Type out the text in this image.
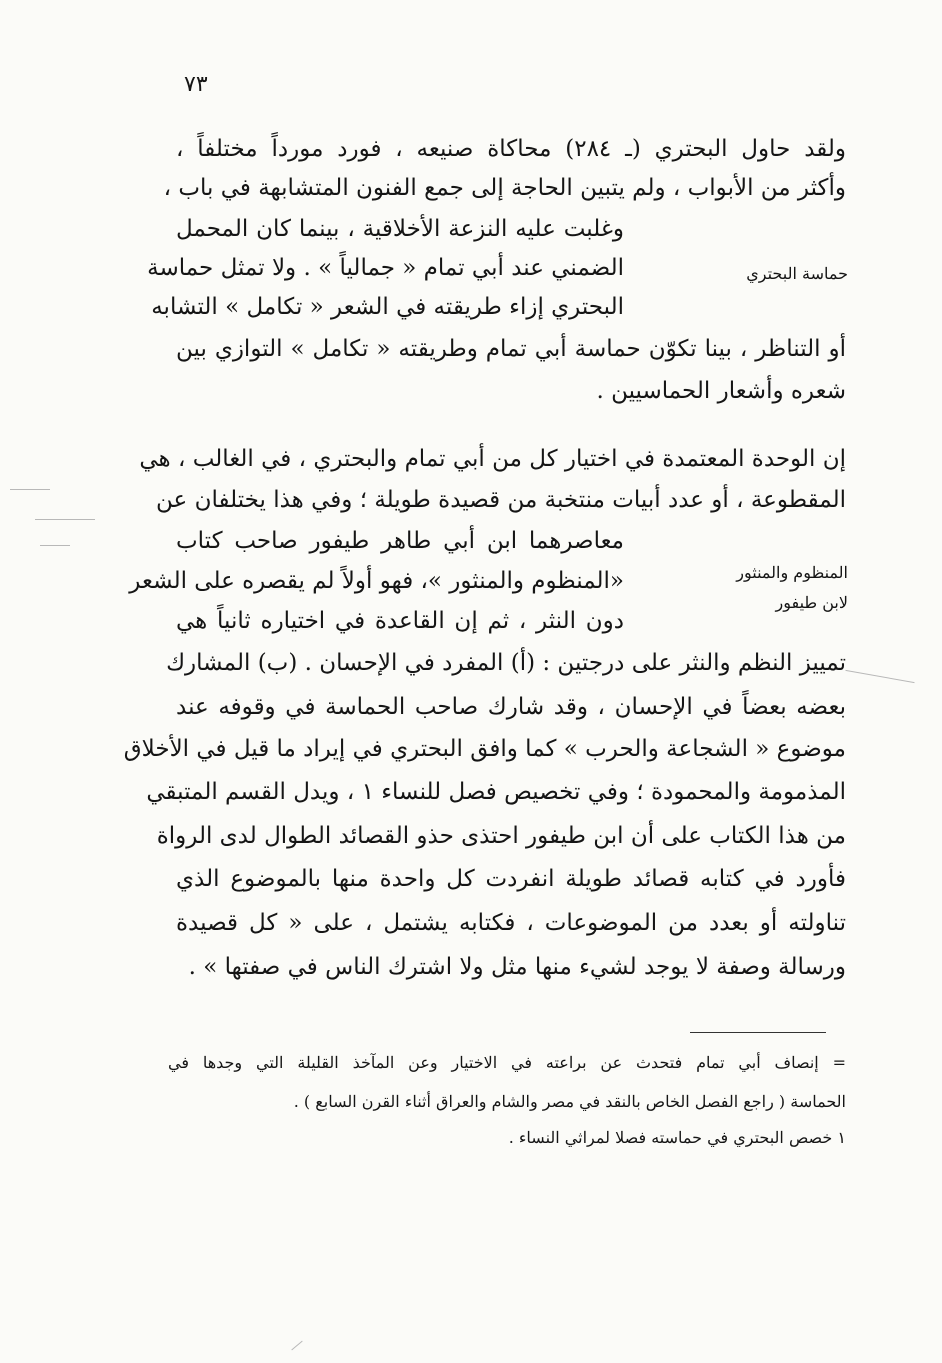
٧٣
ولقد حاول البحتري (ـ ٢٨٤) محاكاة صنيعه ، فورد مورداً مختلفاً ،
وأكثر من الأبواب ، ولم يتبين الحاجة إلى جمع الفنون المتشابهة في باب ،
وغلبت عليه النزعة الأخلاقية ، بينما كان المحمل
الضمني عند أبي تمام « جمالياً » . ولا تمثل حماسة
البحتري إزاء طريقته في الشعر « تكامل » التشابه
أو التناظر ، بينا تكوّن حماسة أبي تمام وطريقته « تكامل » التوازي بين
شعره وأشعار الحماسيين .
حماسة البحتري
إن الوحدة المعتمدة في اختيار كل من أبي تمام والبحتري ، في الغالب ، هي
المقطوعة ، أو عدد أبيات منتخبة من قصيدة طويلة ؛ وفي هذا يختلفان عن
معاصرهما ابن أبي طاهر طيفور صاحب كتاب
«المنظوم والمنثور »، فهو أولاً لم يقصره على الشعر
دون النثر ، ثم إن القاعدة في اختياره ثانياً هي
تمييز النظم والنثر على درجتين : (أ) المفرد في الإحسان . (ب) المشارك
بعضه بعضاً في الإحسان ، وقد شارك صاحب الحماسة في وقوفه عند
موضوع « الشجاعة والحرب » كما وافق البحتري في إيراد ما قيل في الأخلاق
المذمومة والمحمودة ؛ وفي تخصيص فصل للنساء ١ ، ويدل القسم المتبقي
من هذا الكتاب على أن ابن طيفور احتذى حذو القصائد الطوال لدى الرواة
فأورد في كتابه قصائد طويلة انفردت كل واحدة منها بالموضوع الذي
تناولته أو بعدد من الموضوعات ، فكتابه يشتمل ، على « كل قصيدة
ورسالة وصفة لا يوجد لشيء منها مثل ولا اشترك الناس في صفتها » .
المنظوم والمنثور
لابن طيفور
= إنصاف أبي تمام فتحدث عن براعته في الاختيار وعن المآخذ القليلة التي وجدها في
الحماسة ( راجع الفصل الخاص بالنقد في مصر والشام والعراق أثناء القرن السابع ) .
١ خصص البحتري في حماسته فصلا لمراثي النساء .
